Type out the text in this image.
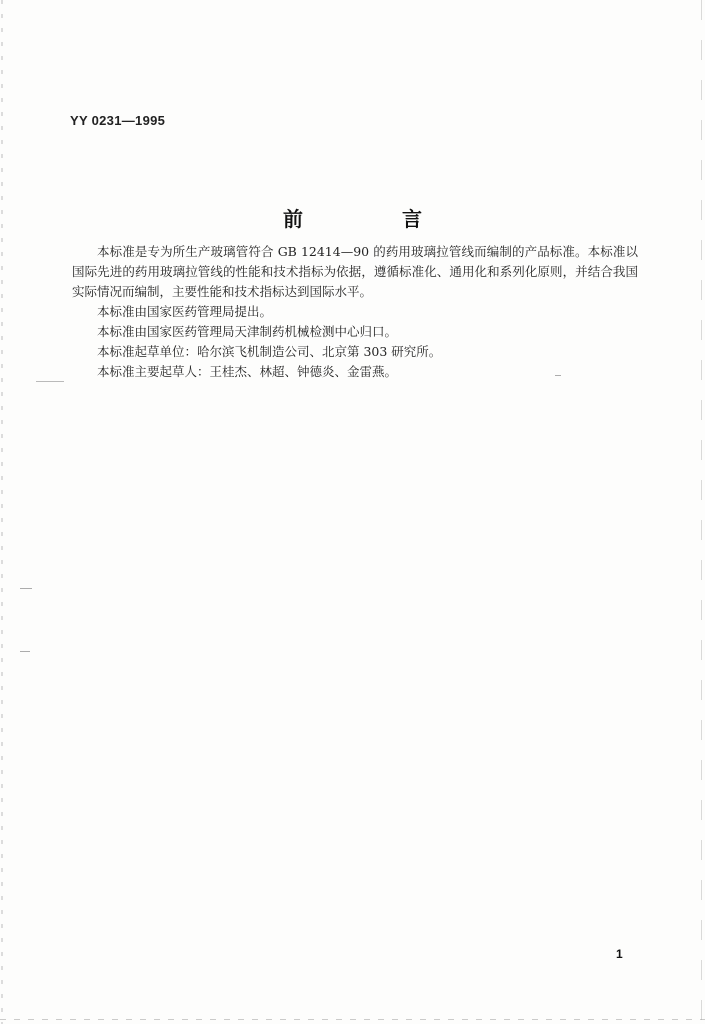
YY 0231—1995
前 言

本标准是专为所生产玻璃管符合 GB 12414—90 的药用玻璃拉管线而编制的产品标准。本标准以国际先进的药用玻璃拉管线的性能和技术指标为依据，遵循标准化、通用化和系列化原则，并结合我国实际情况而编制，主要性能和技术指标达到国际水平。

本标准由国家医药管理局提出。

本标准由国家医药管理局天津制药机械检测中心归口。

本标准起草单位：哈尔滨飞机制造公司、北京第 303 研究所。

本标准主要起草人：王桂杰、林超、钟德炎、金雷燕。

1
